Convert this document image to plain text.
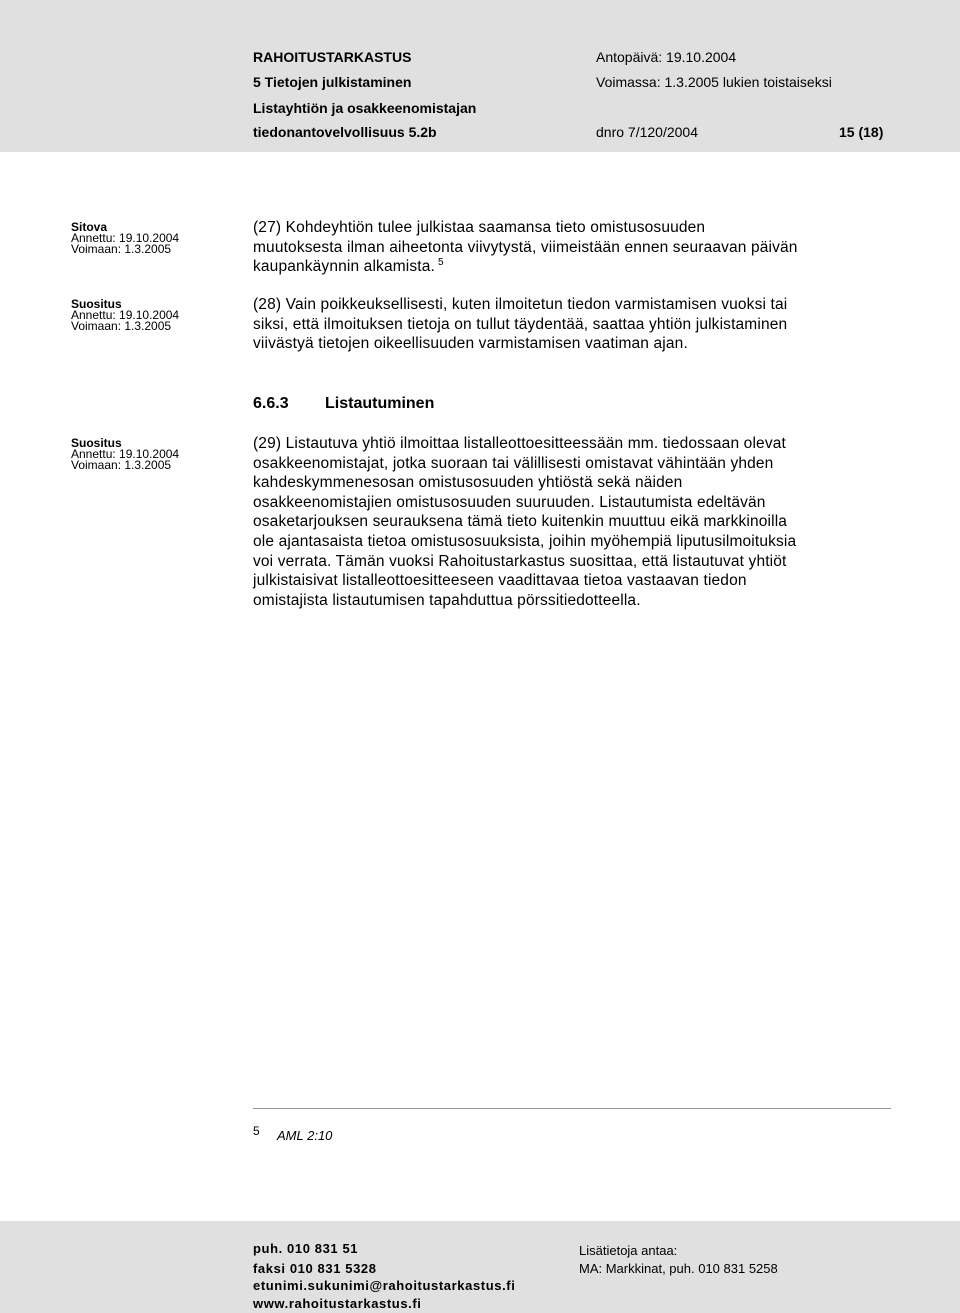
RAHOITUSTARKASTUS
5 Tietojen julkistaminen
Listayhtiön ja osakkeenomistajan
tiedonantovelvollisuus 5.2b
Antopäivä: 19.10.2004
Voimassa: 1.3.2005 lukien toistaiseksi
dnro 7/120/2004	15 (18)
Sitova
Annettu: 19.10.2004
Voimaan: 1.3.2005
(27) Kohdeyhtiön tulee julkistaa saamansa tieto omistusosuuden
muutoksesta ilman aiheetonta viivytystä, viimeistään ennen seuraavan päivän
kaupankäynnin alkamista. $^5$
Suositus
Annettu: 19.10.2004
Voimaan: 1.3.2005
(28) Vain poikkeuksellisesti, kuten ilmoitetun tiedon varmistamisen vuoksi tai
siksi, että ilmoituksen tietoja on tullut täydentää, saattaa yhtiön julkistaminen
viivästyä tietojen oikeellisuuden varmistamisen vaatiman ajan.
6.6.3 Listautuminen
Suositus
Annettu: 19.10.2004
Voimaan: 1.3.2005
(29) Listautuva yhtiö ilmoittaa listalleottoesitteessään mm. tiedossaan olevat
osakkeenomistajat, jotka suoraan tai välillisesti omistavat vähintään yhden
kahdeskymmenesosan omistusosuuden yhtiöstä sekä näiden
osakkeenomistajien omistusosuuden suuruuden. Listautumista edeltävän
osaketarjouksen seurauksena tämä tieto kuitenkin muuttuu eikä markkinoilla
ole ajantasaista tietoa omistusosuuksista, joihin myöhempiä liputusilmoituksia
voi verrata. Tämän vuoksi Rahoitustarkastus suosittaa, että listautuvat yhtiöt
julkistaisivat listalleottoesitteeseen vaadittavaa tietoa vastaavan tiedon
omistajista listautumisen tapahduttua pörssitiedotteella.
5 AML 2:10
puh. 010 831 51
faksi 010 831 5328
etunimi.sukunimi@rahoitustarkastus.fi
www.rahoitustarkastus.fi
Lisätietoja antaa:
MA: Markkinat, puh. 010 831 5258
